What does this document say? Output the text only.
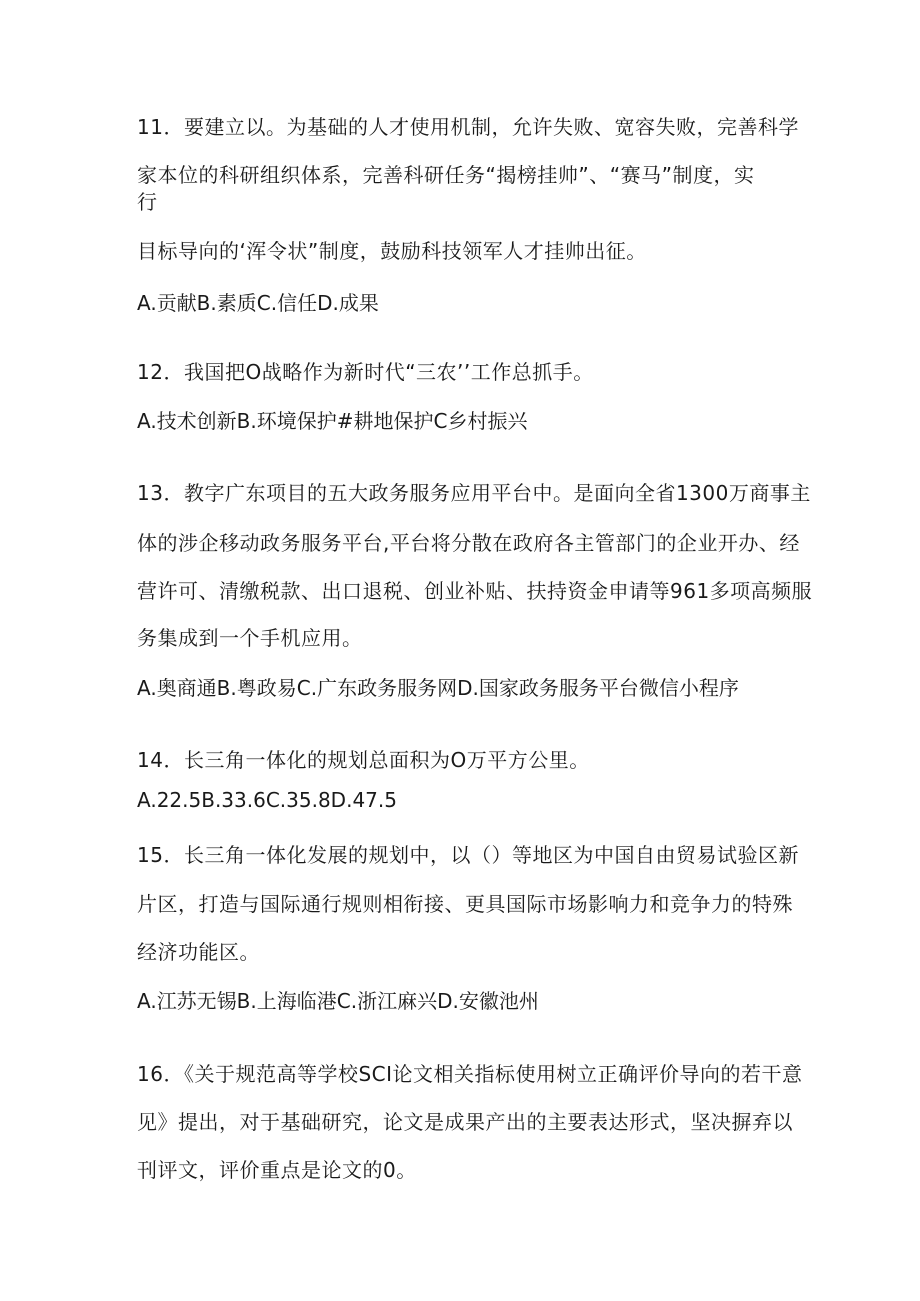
11．要建立以。为基础的人才使用机制，允许失败、宽容失败，完善科学
家本位的科研组织体系，完善科研任务“揭榜挂帅”、“赛马”制度，实
行
目标导向的‘浑令状”制度，鼓励科技领军人才挂帅出征。
A.贡献B.素质C.信任D.成果
12．我国把O战略作为新时代“三农’’工作总抓手。
A.技术创新B.环境保护#耕地保护C乡村振兴
13．教字广东项目的五大政务服务应用平台中。是面向全省1300万商事主
体的涉企移动政务服务平台,平台将分散在政府各主管部门的企业开办、经
营许可、清缴税款、出口退税、创业补贴、扶持资金申请等961多项高频服
务集成到一个手机应用。
A.奥商通B.粤政易C.广东政务服务网D.国家政务服务平台微信小程序
14．长三角一体化的规划总面积为O万平方公里。
A.22.5B.33.6C.35.8D.47.5
15．长三角一体化发展的规划中，以（）等地区为中国自由贸易试验区新
片区，打造与国际通行规则相衔接、更具国际市场影响力和竞争力的特殊
经济功能区。
A.江苏无锡B.上海临港C.浙江麻兴D.安徽池州
16．《关于规范高等学校SCI论文相关指标使用树立正确评价导向的若干意
见》提出，对于基础研究，论文是成果产出的主要表达形式，坚决摒弃以
刊评文，评价重点是论文的0。
